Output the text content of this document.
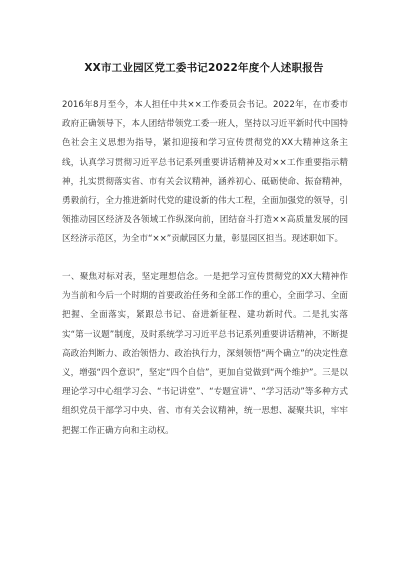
XX市工业园区党工委书记2022年度个人述职报告

2016年8月至今，本人担任中共××工作委员会书记。2022年，在市委市政府正确领导下，本人团结带领党工委一班人，坚持以习近平新时代中国特色社会主义思想为指导，紧扣迎接和学习宣传贯彻党的XX大精神这条主线，认真学习贯彻习近平总书记系列重要讲话精神及对××工作重要指示精神，扎实贯彻落实省、市有关会议精神，涵养初心、砥砺使命、振奋精神，勇毅前行，全力推进新时代党的建设新的伟大工程，全面加强党的领导，引领推动园区经济及各领域工作纵深向前，团结奋斗打造××高质量发展的园区经济示范区，为全市“××”贡献园区力量，彰显园区担当。现述职如下。

一、聚焦对标对表，坚定理想信念。一是把学习宣传贯彻党的XX大精神作为当前和今后一个时期的首要政治任务和全部工作的重心，全面学习、全面把握、全面落实，紧跟总书记、奋进新征程、建功新时代。二是扎实落实“第一议题”制度，及时系统学习习近平总书记系列重要讲话精神，不断提高政治判断力、政治领悟力、政治执行力，深刻领悟“两个确立”的决定性意义，增强“四个意识”，坚定“四个自信”，更加自觉做到“两个维护”。三是以理论学习中心组学习会、“书记讲堂”、“专题宣讲”、“学习活动”等多种方式组织党员干部学习中央、省、市有关会议精神，统一思想、凝聚共识，牢牢把握工作正确方向和主动权。
